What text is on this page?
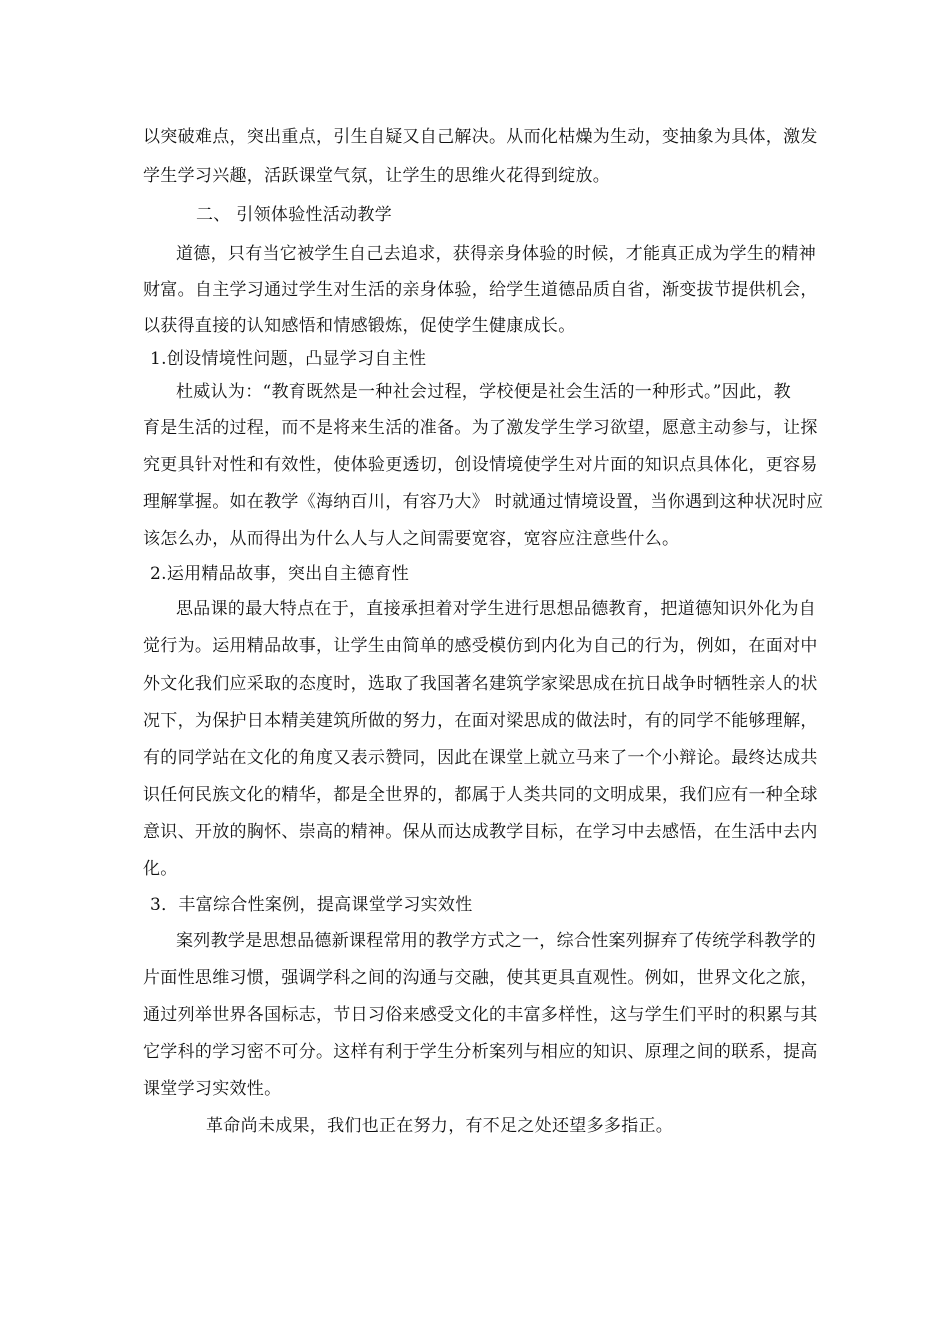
以突破难点，突出重点，引生自疑又自己解决。从而化枯燥为生动，变抽象为具体，激发
学生学习兴趣，活跃课堂气氛，让学生的思维火花得到绽放。
二、 引领体验性活动教学
道德，只有当它被学生自己去追求，获得亲身体验的时候，才能真正成为学生的精神
财富。自主学习通过学生对生活的亲身体验，给学生道德品质自省，渐变拔节提供机会，
以获得直接的认知感悟和情感锻炼，促使学生健康成长。
1.创设情境性问题，凸显学习自主性
杜威认为：“教育既然是一种社会过程，学校便是社会生活的一种形式。”因此，教
育是生活的过程，而不是将来生活的准备。为了激发学生学习欲望，愿意主动参与，让探
究更具针对性和有效性，使体验更透切，创设情境使学生对片面的知识点具体化，更容易
理解掌握。如在教学《海纳百川，有容乃大》 时就通过情境设置，当你遇到这种状况时应
该怎么办，从而得出为什么人与人之间需要宽容，宽容应注意些什么。
2.运用精品故事，突出自主德育性
思品课的最大特点在于，直接承担着对学生进行思想品德教育，把道德知识外化为自
觉行为。运用精品故事，让学生由简单的感受模仿到内化为自己的行为，例如，在面对中
外文化我们应采取的态度时，选取了我国著名建筑学家梁思成在抗日战争时牺牲亲人的状
况下，为保护日本精美建筑所做的努力，在面对梁思成的做法时，有的同学不能够理解，
有的同学站在文化的角度又表示赞同，因此在课堂上就立马来了一个小辩论。最终达成共
识任何民族文化的精华，都是全世界的，都属于人类共同的文明成果，我们应有一种全球
意识、开放的胸怀、崇高的精神。保从而达成教学目标，在学习中去感悟，在生活中去内
化。
3．丰富综合性案例，提高课堂学习实效性
案列教学是思想品德新课程常用的教学方式之一，综合性案列摒弃了传统学科教学的
片面性思维习惯，强调学科之间的沟通与交融，使其更具直观性。例如，世界文化之旅，
通过列举世界各国标志，节日习俗来感受文化的丰富多样性，这与学生们平时的积累与其
它学科的学习密不可分。这样有利于学生分析案列与相应的知识、原理之间的联系，提高
课堂学习实效性。
革命尚未成果，我们也正在努力，有不足之处还望多多指正。
